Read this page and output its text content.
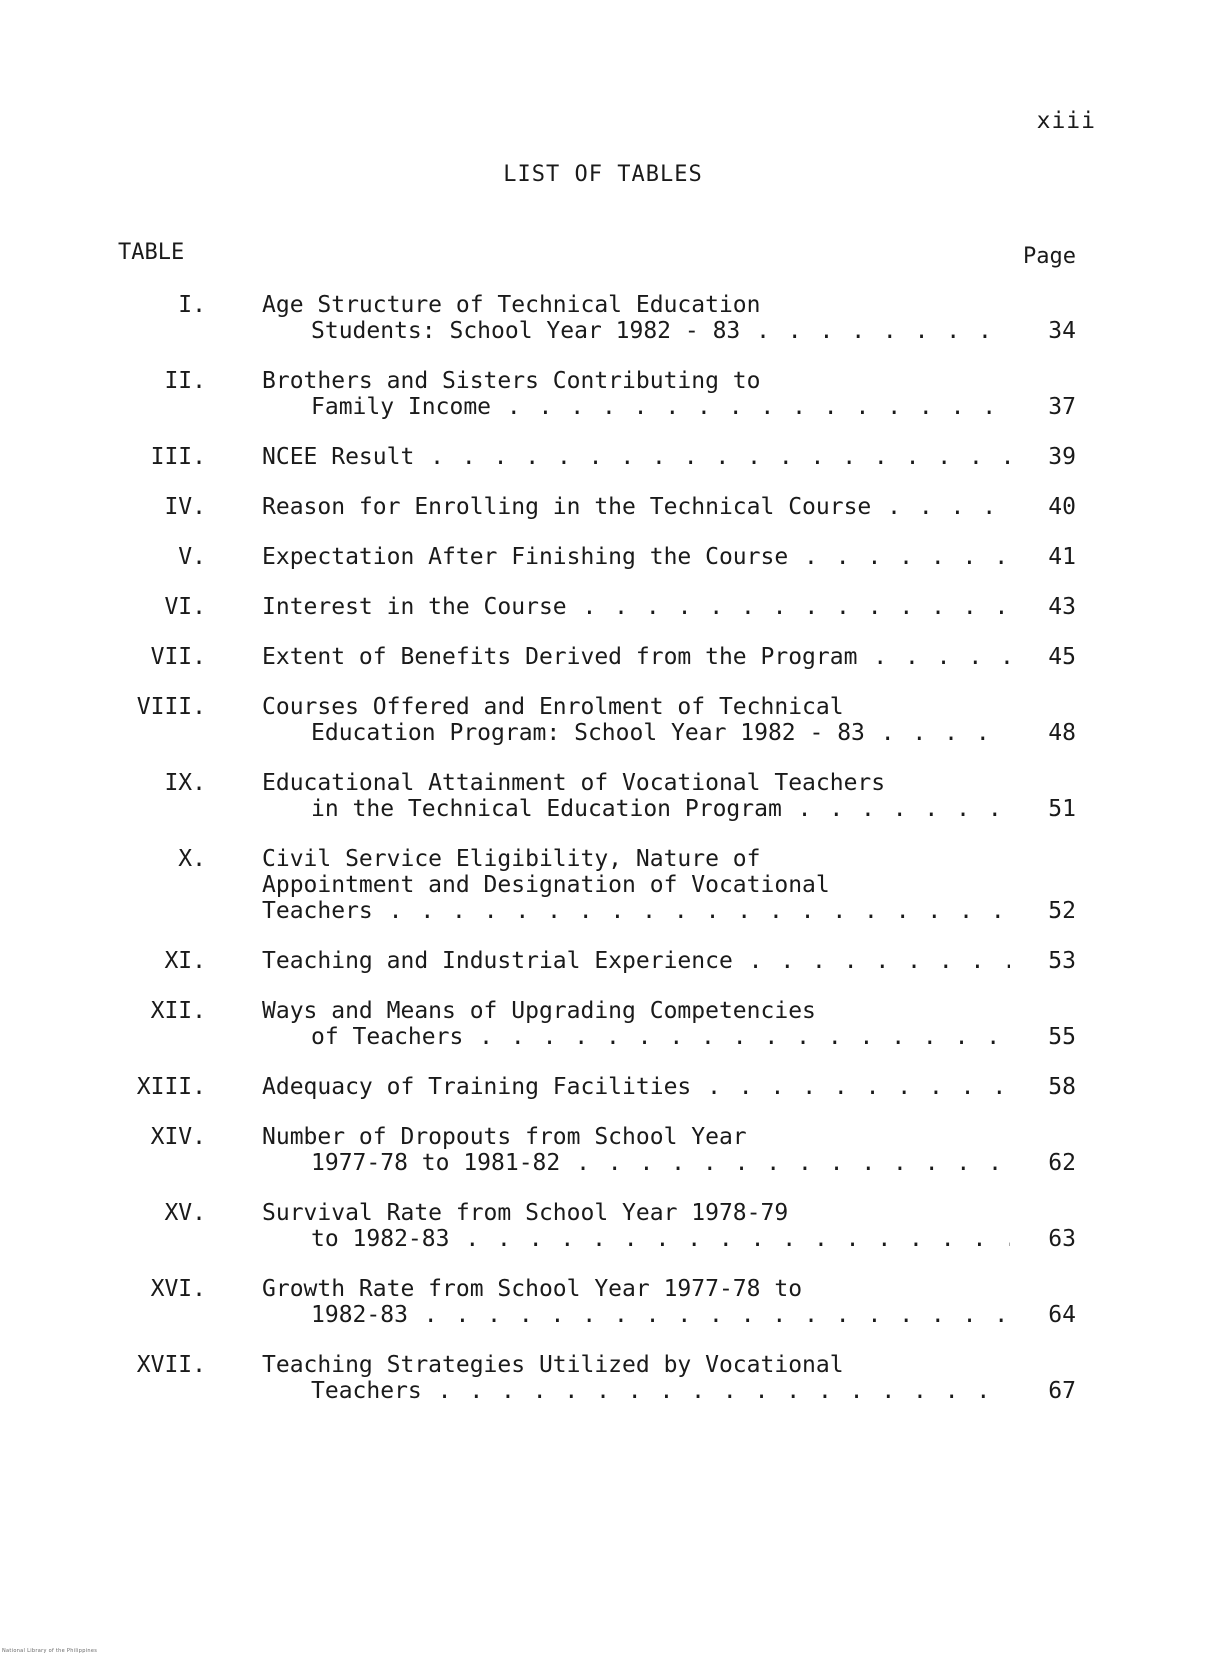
xiii
LIST OF TABLES
TABLE	Page
I. Age Structure of Technical Education
Students: School Year 1982 - 83 . . .	34
II. Brothers and Sisters Contributing to
Family Income . . .	37
III. NCEE Result . . .	39
IV. Reason for Enrolling in the Technical Course . . .	40
V. Expectation After Finishing the Course . . .	41
VI. Interest in the Course . . .	43
VII. Extent of Benefits Derived from the Program . . .	45
VIII. Courses Offered and Enrolment of Technical
Education Program: School Year 1982 - 83 . . .	48
IX. Educational Attainment of Vocational Teachers
in the Technical Education Program . . .	51
X. Civil Service Eligibility, Nature of
Appointment and Designation of Vocational
Teachers . . .	52
XI. Teaching and Industrial Experience . . .	53
XII. Ways and Means of Upgrading Competencies
of Teachers . . .	55
XIII. Adequacy of Training Facilities . . .	58
XIV. Number of Dropouts from School Year
1977-78 to 1981-82 . . .	62
XV. Survival Rate from School Year 1978-79
to 1982-83 . . .	63
XVI. Growth Rate from School Year 1977-78 to
1982-83 . . .	64
XVII. Teaching Strategies Utilized by Vocational
Teachers . . .	67
National Library of the Philippines
